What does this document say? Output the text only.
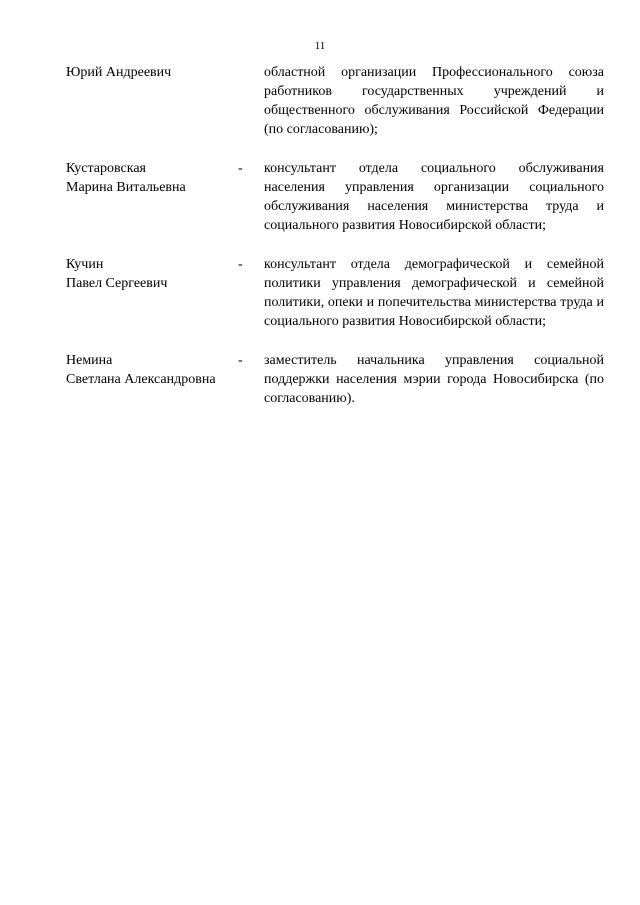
11
Юрий Андреевич	областной организации Профессионального союза работников государственных учреждений и общественного обслуживания Российской Федерации (по согласованию);
Кустаровская
Марина Витальевна
-	консультант отдела социального обслуживания населения управления организации социального обслуживания населения министерства труда и социального развития Новосибирской области;
Кучин
Павел Сергеевич
-	консультант отдела демографической и семейной политики управления демографической и семейной политики, опеки и попечительства министерства труда и социального развития Новосибирской области;
Немина
Светлана Александровна
-	заместитель начальника управления социальной поддержки населения мэрии города Новосибирска (по согласованию).
